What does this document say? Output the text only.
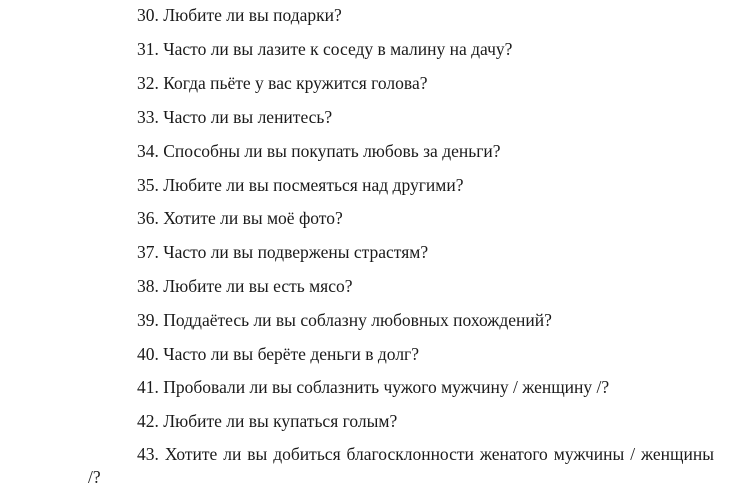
30. Любите ли вы подарки?

31. Часто ли вы лазите к соседу в малину на дачу?

32. Когда пьёте у вас кружится голова?

33. Часто ли вы ленитесь?

34. Способны ли вы покупать любовь за деньги?

35. Любите ли вы посмеяться над другими?

36. Хотите ли вы моё фото?

37. Часто ли вы подвержены страстям?

38. Любите ли вы есть мясо?

39. Поддаётесь ли вы соблазну любовных похождений?

40. Часто ли вы берёте деньги в долг?

41. Пробовали ли вы соблазнить чужого мужчину / женщину /?

42. Любите ли вы купаться голым?

43. Хотите ли вы добиться благосклонности женатого мужчины / женщины /?
